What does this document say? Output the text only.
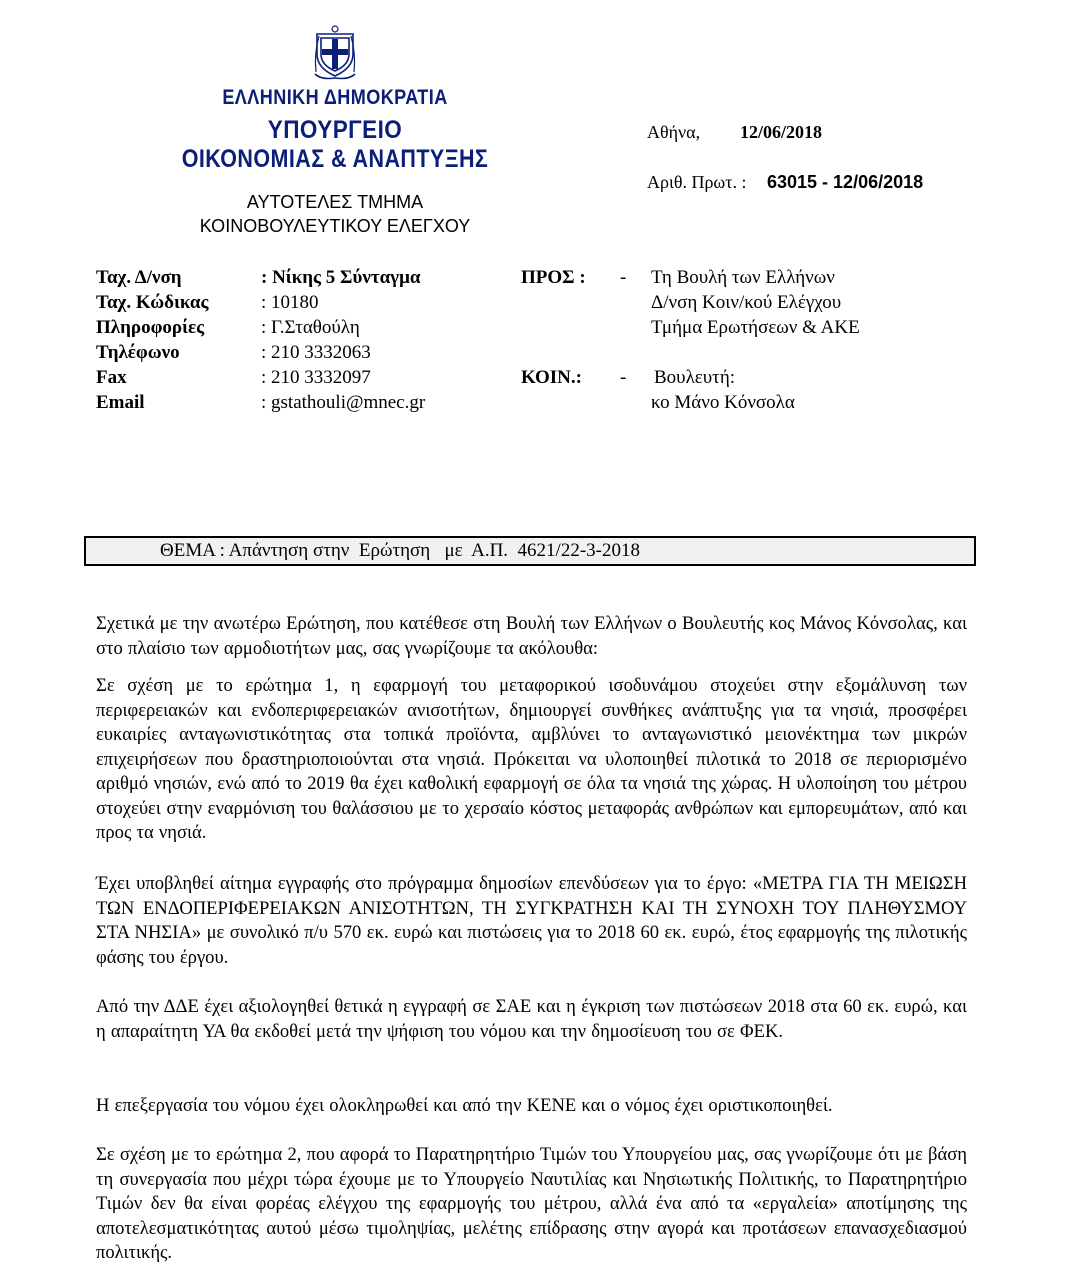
ΕΛΛΗΝΙΚΗ ΔΗΜΟΚΡΑΤΙΑ
ΥΠΟΥΡΓΕΙΟ
ΟΙΚΟΝΟΜΙΑΣ & ΑΝΑΠΤΥΞΗΣ
ΑΥΤΟΤΕΛΕΣ ΤΜΗΜΑ
ΚΟΙΝΟΒΟΥΛΕΥΤΙΚΟΥ ΕΛΕΓΧΟΥ
Αθήνα, 12/06/2018
Αριθ. Πρωτ. : 63015 - 12/06/2018
Ταχ. Δ/νση	: Νίκης 5 Σύνταγμα
Ταχ. Κώδικας	: 10180
Πληροφορίες	: Γ.Σταθούλη
Τηλέφωνο	: 210 3332063
Fax	: 210 3332097
Email	: gstathouli@mnec.gr
ΠΡΟΣ : - Τη Βουλή των Ελλήνων
Δ/νση Κοιν/κού Ελέγχου
Τμήμα Ερωτήσεων & ΑΚΕ
ΚΟΙΝ.: - Βουλευτή:
κο Μάνο Κόνσολα
ΘΕΜΑ : Απάντηση στην  Ερώτηση   με  Α.Π.  4621/22-3-2018
Σχετικά με την ανωτέρω Ερώτηση, που κατέθεσε στη Βουλή των Ελλήνων ο Βουλευτής κος Μάνος Κόνσολας, και στο πλαίσιο των αρμοδιοτήτων μας, σας γνωρίζουμε τα ακόλουθα:
Σε σχέση με το ερώτημα 1, η εφαρμογή του μεταφορικού ισοδυνάμου στοχεύει στην εξομάλυνση των περιφερειακών και ενδοπεριφερειακών ανισοτήτων, δημιουργεί συνθήκες ανάπτυξης για τα νησιά, προσφέρει ευκαιρίες ανταγωνιστικότητας στα τοπικά προϊόντα, αμβλύνει το ανταγωνιστικό μειονέκτημα των μικρών επιχειρήσεων που δραστηριοποιούνται στα νησιά. Πρόκειται να υλοποιηθεί πιλοτικά το 2018 σε περιορισμένο αριθμό νησιών, ενώ από το 2019 θα έχει καθολική εφαρμογή σε όλα τα νησιά της χώρας. Η υλοποίηση του μέτρου στοχεύει στην εναρμόνιση του θαλάσσιου με το χερσαίο κόστος μεταφοράς ανθρώπων και εμπορευμάτων, από και προς τα νησιά.
Έχει υποβληθεί αίτημα εγγραφής στο πρόγραμμα δημοσίων επενδύσεων για το έργο: «ΜΕΤΡΑ ΓΙΑ ΤΗ ΜΕΙΩΣΗ ΤΩΝ ΕΝΔΟΠΕΡΙΦΕΡΕΙΑΚΩΝ ΑΝΙΣΟΤΗΤΩΝ, ΤΗ ΣΥΓΚΡΑΤΗΣΗ ΚΑΙ ΤΗ ΣΥΝΟΧΗ ΤΟΥ ΠΛΗΘΥΣΜΟΥ ΣΤΑ ΝΗΣΙΑ» με συνολικό π/υ 570 εκ. ευρώ και πιστώσεις για το 2018 60 εκ. ευρώ, έτος εφαρμογής της πιλοτικής φάσης του έργου.
Από την ΔΔΕ έχει αξιολογηθεί θετικά η εγγραφή σε ΣΑΕ και η έγκριση των πιστώσεων 2018 στα 60 εκ. ευρώ, και η απαραίτητη ΥΑ θα εκδοθεί μετά την ψήφιση του νόμου και την δημοσίευση του σε ΦΕΚ.
Η επεξεργασία του νόμου έχει ολοκληρωθεί και από την ΚΕΝΕ και ο νόμος έχει οριστικοποιηθεί.
Σε σχέση με το ερώτημα 2, που αφορά το Παρατηρητήριο Τιμών του Υπουργείου μας, σας γνωρίζουμε ότι με βάση τη συνεργασία που μέχρι τώρα έχουμε με το Υπουργείο Ναυτιλίας και Νησιωτικής Πολιτικής, το Παρατηρητήριο Τιμών δεν θα είναι φορέας ελέγχου της εφαρμογής του μέτρου, αλλά ένα από τα «εργαλεία» αποτίμησης της αποτελεσματικότητας αυτού μέσω τιμοληψίας, μελέτης επίδρασης στην αγορά και προτάσεων επανασχεδιασμού πολιτικής.
